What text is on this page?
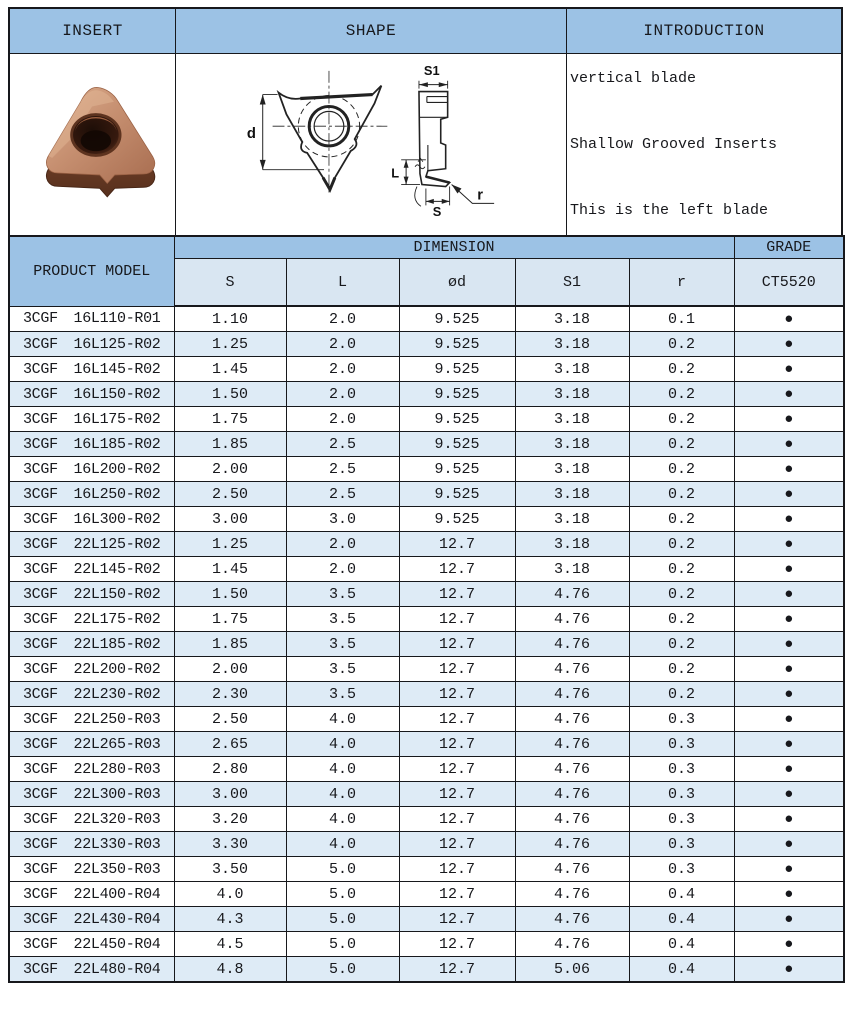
INSERT	SHAPE	INTRODUCTION
d
S1
L
S
r

vertical blade

Shallow Grooved Inserts

This is the left blade

PRODUCT MODEL	DIMENSION					GRADE
	S	L	ød	S1	r	CT5520
3CGF 16L110-R01	1.10	2.0	9.525	3.18	0.1	●
3CGF 16L125-R02	1.25	2.0	9.525	3.18	0.2	●
3CGF 16L145-R02	1.45	2.0	9.525	3.18	0.2	●
3CGF 16L150-R02	1.50	2.0	9.525	3.18	0.2	●
3CGF 16L175-R02	1.75	2.0	9.525	3.18	0.2	●
3CGF 16L185-R02	1.85	2.5	9.525	3.18	0.2	●
3CGF 16L200-R02	2.00	2.5	9.525	3.18	0.2	●
3CGF 16L250-R02	2.50	2.5	9.525	3.18	0.2	●
3CGF 16L300-R02	3.00	3.0	9.525	3.18	0.2	●
3CGF 22L125-R02	1.25	2.0	12.7	3.18	0.2	●
3CGF 22L145-R02	1.45	2.0	12.7	3.18	0.2	●
3CGF 22L150-R02	1.50	3.5	12.7	4.76	0.2	●
3CGF 22L175-R02	1.75	3.5	12.7	4.76	0.2	●
3CGF 22L185-R02	1.85	3.5	12.7	4.76	0.2	●
3CGF 22L200-R02	2.00	3.5	12.7	4.76	0.2	●
3CGF 22L230-R02	2.30	3.5	12.7	4.76	0.2	●
3CGF 22L250-R03	2.50	4.0	12.7	4.76	0.3	●
3CGF 22L265-R03	2.65	4.0	12.7	4.76	0.3	●
3CGF 22L280-R03	2.80	4.0	12.7	4.76	0.3	●
3CGF 22L300-R03	3.00	4.0	12.7	4.76	0.3	●
3CGF 22L320-R03	3.20	4.0	12.7	4.76	0.3	●
3CGF 22L330-R03	3.30	4.0	12.7	4.76	0.3	●
3CGF 22L350-R03	3.50	5.0	12.7	4.76	0.3	●
3CGF 22L400-R04	4.0	5.0	12.7	4.76	0.4	●
3CGF 22L430-R04	4.3	5.0	12.7	4.76	0.4	●
3CGF 22L450-R04	4.5	5.0	12.7	4.76	0.4	●
3CGF 22L480-R04	4.8	5.0	12.7	5.06	0.4	●
